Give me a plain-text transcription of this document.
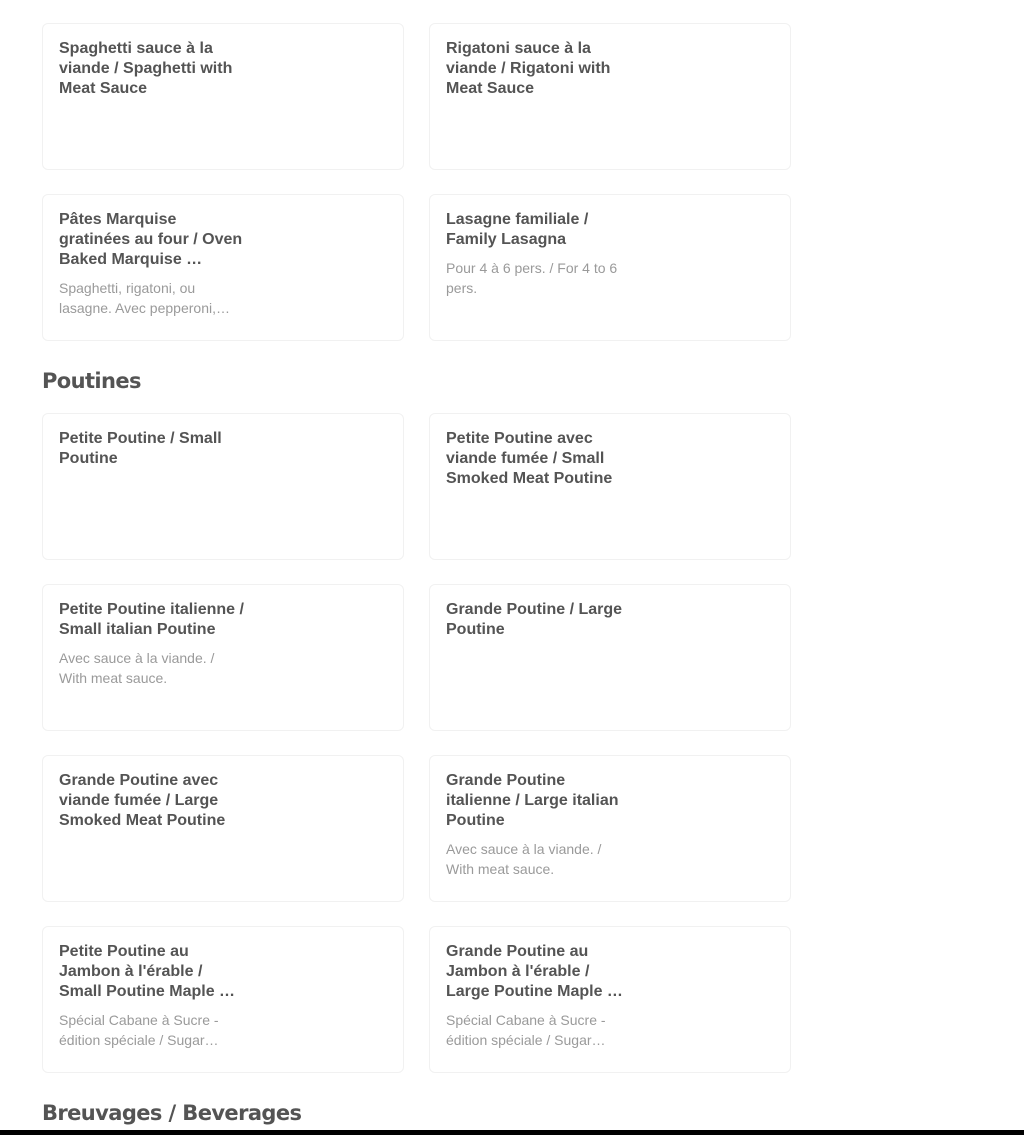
Spaghetti sauce à la viande / Spaghetti with Meat Sauce
Rigatoni sauce à la viande / Rigatoni with Meat Sauce
Pâtes Marquise gratinées au four / Oven Baked Marquise …
Spaghetti, rigatoni, ou lasagne. Avec pepperoni,…
Lasagne familiale / Family Lasagna
Pour 4 à 6 pers. / For 4 to 6 pers.
Poutines
Petite Poutine / Small Poutine
Petite Poutine avec viande fumée / Small Smoked Meat Poutine
Petite Poutine italienne / Small italian Poutine
Avec sauce à la viande. / With meat sauce.
Grande Poutine / Large Poutine
Grande Poutine avec viande fumée / Large Smoked Meat Poutine
Grande Poutine italienne / Large italian Poutine
Avec sauce à la viande. / With meat sauce.
Petite Poutine au Jambon à l'érable / Small Poutine Maple …
Spécial Cabane à Sucre - édition spéciale / Sugar…
Grande Poutine au Jambon à l'érable / Large Poutine Maple …
Spécial Cabane à Sucre - édition spéciale / Sugar…
Breuvages / Beverages
